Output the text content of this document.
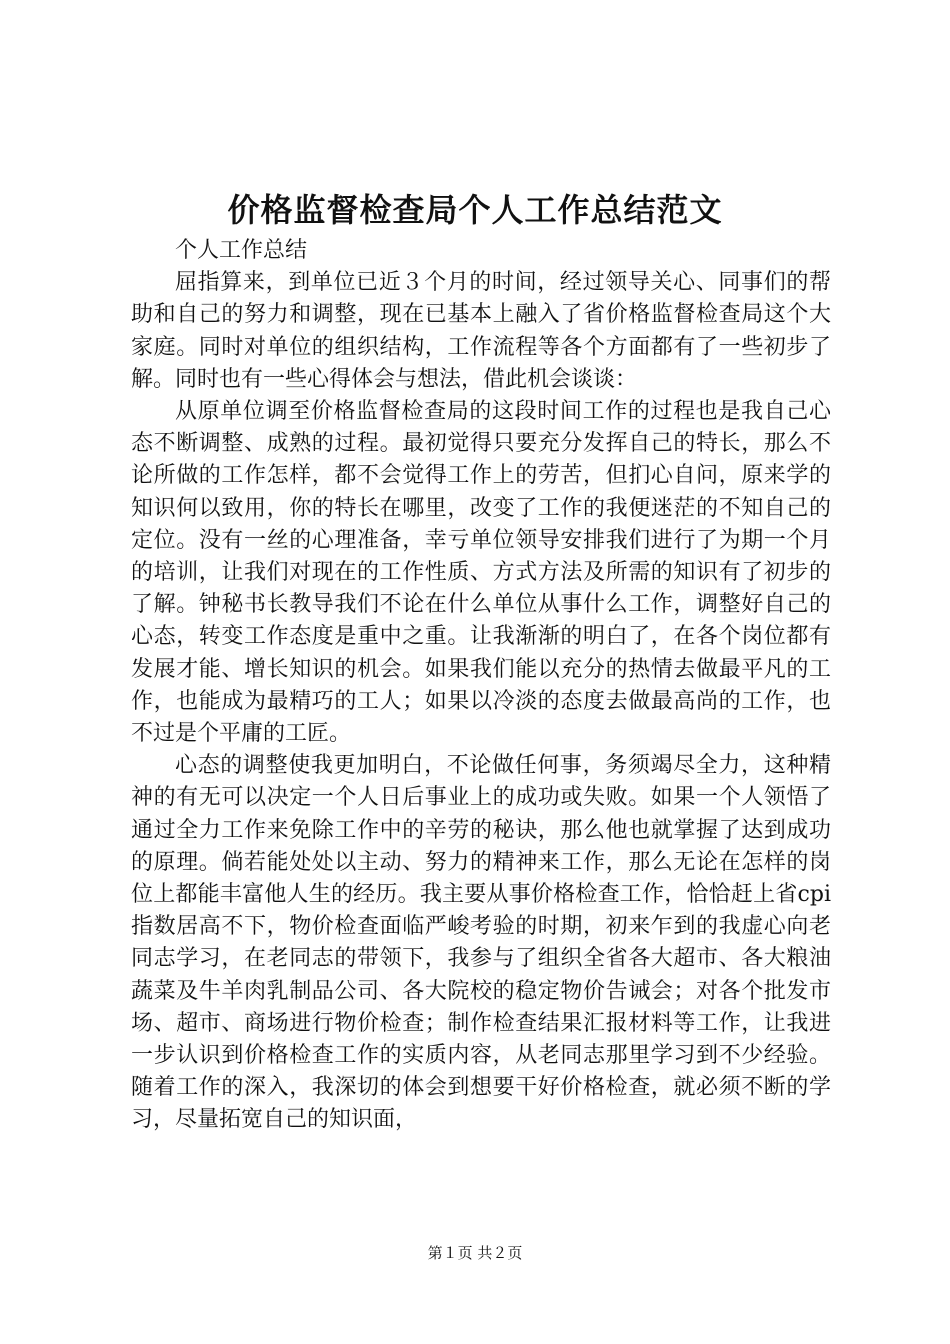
价格监督检查局个人工作总结范文

个人工作总结

屈指算来，到单位已近３个月的时间，经过领导关心、同事们的帮助和自己的努力和调整，现在已基本上融入了省价格监督检查局这个大家庭。同时对单位的组织结构，工作流程等各个方面都有了一些初步了解。同时也有一些心得体会与想法，借此机会谈谈：

从原单位调至价格监督检查局的这段时间工作的过程也是我自己心态不断调整、成熟的过程。最初觉得只要充分发挥自己的特长，那么不论所做的工作怎样，都不会觉得工作上的劳苦，但扪心自问，原来学的知识何以致用，你的特长在哪里，改变了工作的我便迷茫的不知自己的定位。没有一丝的心理准备，幸亏单位领导安排我们进行了为期一个月的培训，让我们对现在的工作性质、方式方法及所需的知识有了初步的了解。钟秘书长教导我们不论在什么单位从事什么工作，调整好自己的心态，转变工作态度是重中之重。让我渐渐的明白了，在各个岗位都有发展才能、增长知识的机会。如果我们能以充分的热情去做最平凡的工作，也能成为最精巧的工人；如果以冷淡的态度去做最高尚的工作，也不过是个平庸的工匠。

心态的调整使我更加明白，不论做任何事，务须竭尽全力，这种精神的有无可以决定一个人日后事业上的成功或失败。如果一个人领悟了通过全力工作来免除工作中的辛劳的秘诀，那么他也就掌握了达到成功的原理。倘若能处处以主动、努力的精神来工作，那么无论在怎样的岗位上都能丰富他人生的经历。我主要从事价格检查工作，恰恰赶上省cpi指数居高不下，物价检查面临严峻考验的时期，初来乍到的我虚心向老同志学习，在老同志的带领下，我参与了组织全省各大超市、各大粮油蔬菜及牛羊肉乳制品公司、各大院校的稳定物价告诫会；对各个批发市场、超市、商场进行物价检查；制作检查结果汇报材料等工作，让我进一步认识到价格检查工作的实质内容，从老同志那里学习到不少经验。随着工作的深入，我深切的体会到想要干好价格检查，就必须不断的学习，尽量拓宽自己的知识面，

第１页 共２页
